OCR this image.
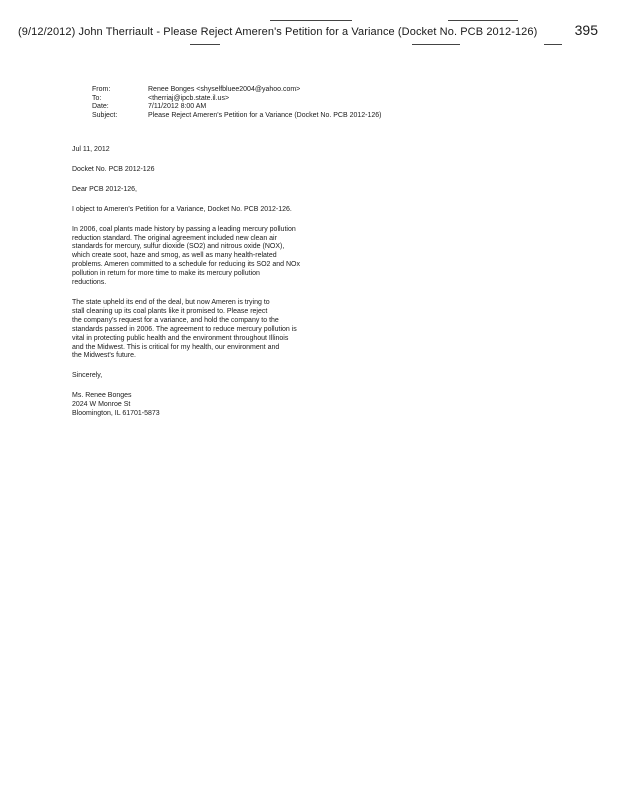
(9/12/2012) John Therriault - Please Reject Ameren's Petition for a Variance (Docket No. PCB 2012-126)	395
From:	Renee Bonges <shyselfbluee2004@yahoo.com>
To:	<therriaj@ipcb.state.il.us>
Date:	7/11/2012 8:00 AM
Subject:	Please Reject Ameren's Petition for a Variance (Docket No. PCB 2012-126)

Jul 11, 2012

Docket No. PCB 2012-126

Dear PCB 2012-126,

I object to Ameren's Petition for a Variance, Docket No. PCB 2012-126.

In 2006, coal plants made history by passing a leading mercury pollution
reduction standard. The original agreement included new clean air
standards for mercury, sulfur dioxide (SO2) and nitrous oxide (NOX),
which create soot, haze and smog, as well as many health-related
problems. Ameren committed to a schedule for reducing its SO2 and NOx
pollution in return for more time to make its mercury pollution
reductions.

The state upheld its end of the deal, but now Ameren is trying to
stall cleaning up its coal plants like it promised to. Please reject
the company's request for a variance, and hold the company to the
standards passed in 2006. The agreement to reduce mercury pollution is
vital in protecting public health and the environment throughout Illinois
and the Midwest. This is critical for my health, our environment and
the Midwest's future.

Sincerely,

Ms. Renee Bonges
2024 W Monroe St
Bloomington, IL 61701-5873
